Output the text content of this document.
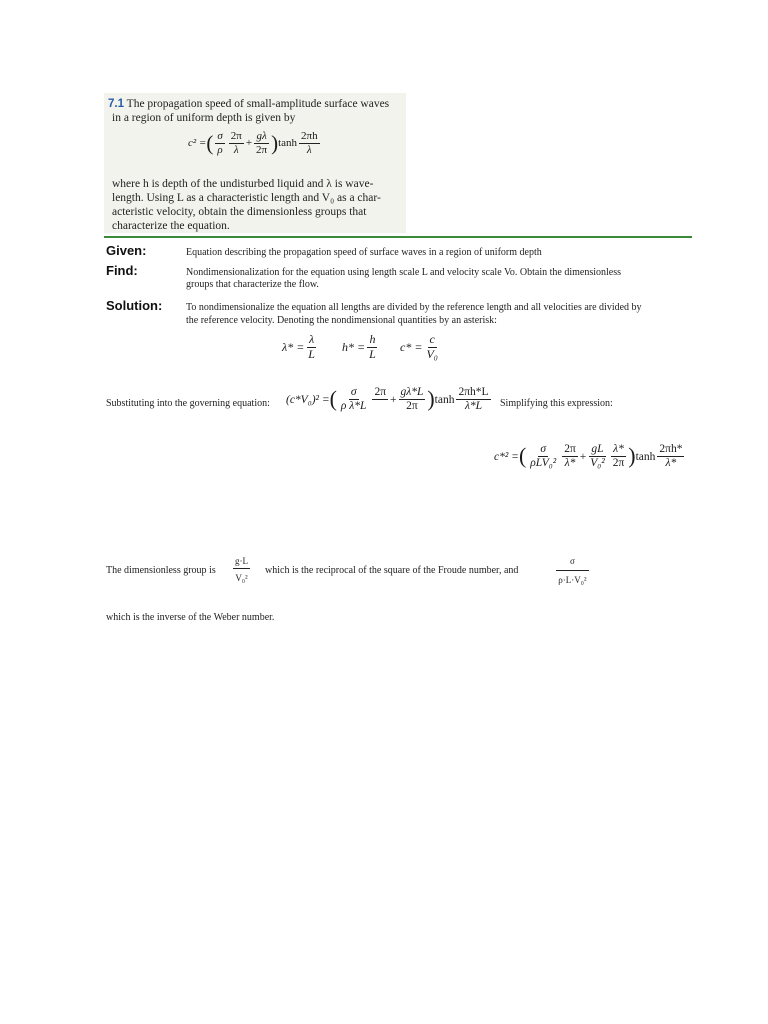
7.1 The propagation speed of small-amplitude surface waves
in a region of uniform depth is given by
c² = ( $\frac{\sigma}{\rho} \frac{2\pi}{\lambda} + \frac{g\lambda}{2\pi}$ ) $\tanh \frac{2\pi h}{\lambda}$
where h is depth of the undisturbed liquid and λ is wave-
length. Using L as a characteristic length and V₀ as a char-
acteristic velocity, obtain the dimensionless groups that
characterize the equation.
Given:	Equation describing the propagation speed of surface waves in a region of uniform depth
Find:	Nondimensionalization for the equation using length scale L and velocity scale Vo. Obtain the dimensionless
groups that characterize the flow.
Solution: To nondimensionalize the equation all lengths are divided by the reference length and all velocities are divided by
the reference velocity. Denoting the nondimensional quantities by an asterisk:
$\lambda* = \frac{\lambda}{L} h* = \frac{h}{L} c* = \frac{c}{\text{V₀}}$
Substituting into the governing equation: (c*V₀)² = ( $\frac{\sigma}{\text{ρ λ*L}} 2\pi$
+ $\frac{g\lambda*L}{2\pi}$ ) $\tanh \frac{2\pi h*L}{\lambda*L}$ Simplifying this expression:
c*² = ( $\frac{\sigma}{\text{ρLV₀²}} \frac{2\pi}{\lambda*} + \frac{gL}{\text{V₀²}} \frac{\lambda*}{2\pi}$ ) $\tanh \frac{2\pi h*}{\lambda*}$
The dimensionless group is $\frac{g\cdot L}{\text{V₀²}}$ which is the reciprocal of the square of the Froude number, and	$\frac{\sigma}{\text{ρ·L·V₀²}}$
which is the inverse of the Weber number.
